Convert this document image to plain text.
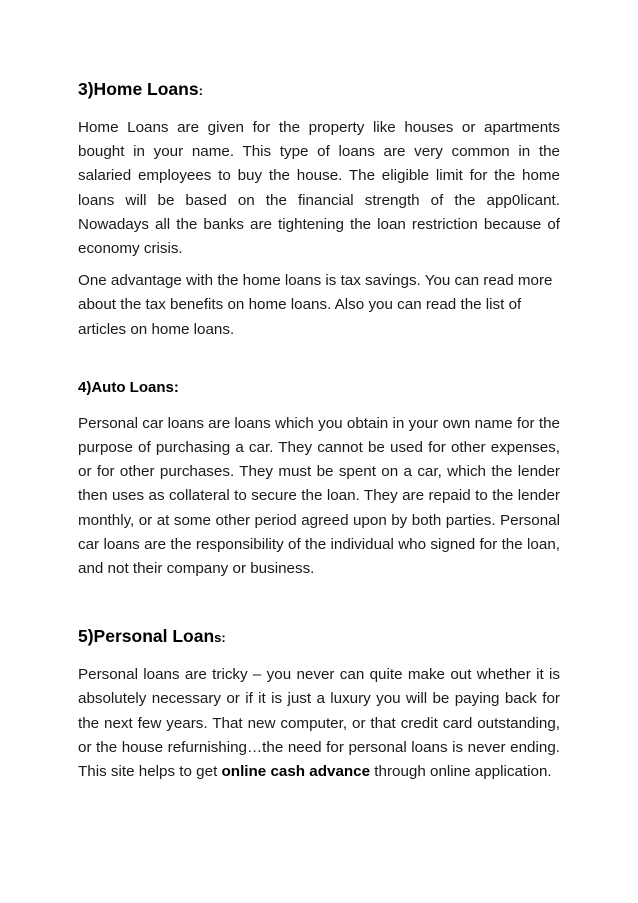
3)Home Loans:

Home Loans are given for the property like houses or apartments bought in your name. This type of loans are very common in the salaried employees to buy the house. The eligible limit for the home loans will be based on the financial strength of the app0licant. Nowadays all the banks are tightening the loan restriction because of economy crisis.

One advantage with the home loans is tax savings. You can read more about the tax benefits on home loans. Also you can read the list of articles on home loans.

4)Auto Loans:

Personal car loans are loans which you obtain in your own name for the purpose of purchasing a car. They cannot be used for other expenses, or for other purchases. They must be spent on a car, which the lender then uses as collateral to secure the loan. They are repaid to the lender monthly, or at some other period agreed upon by both parties. Personal car loans are the responsibility of the individual who signed for the loan, and not their company or business.

5)Personal Loans:

Personal loans are tricky – you never can quite make out whether it is absolutely necessary or if it is just a luxury you will be paying back for the next few years. That new computer, or that credit card outstanding, or the house refurnishing…the need for personal loans is never ending. This site helps to get online cash advance through online application.
